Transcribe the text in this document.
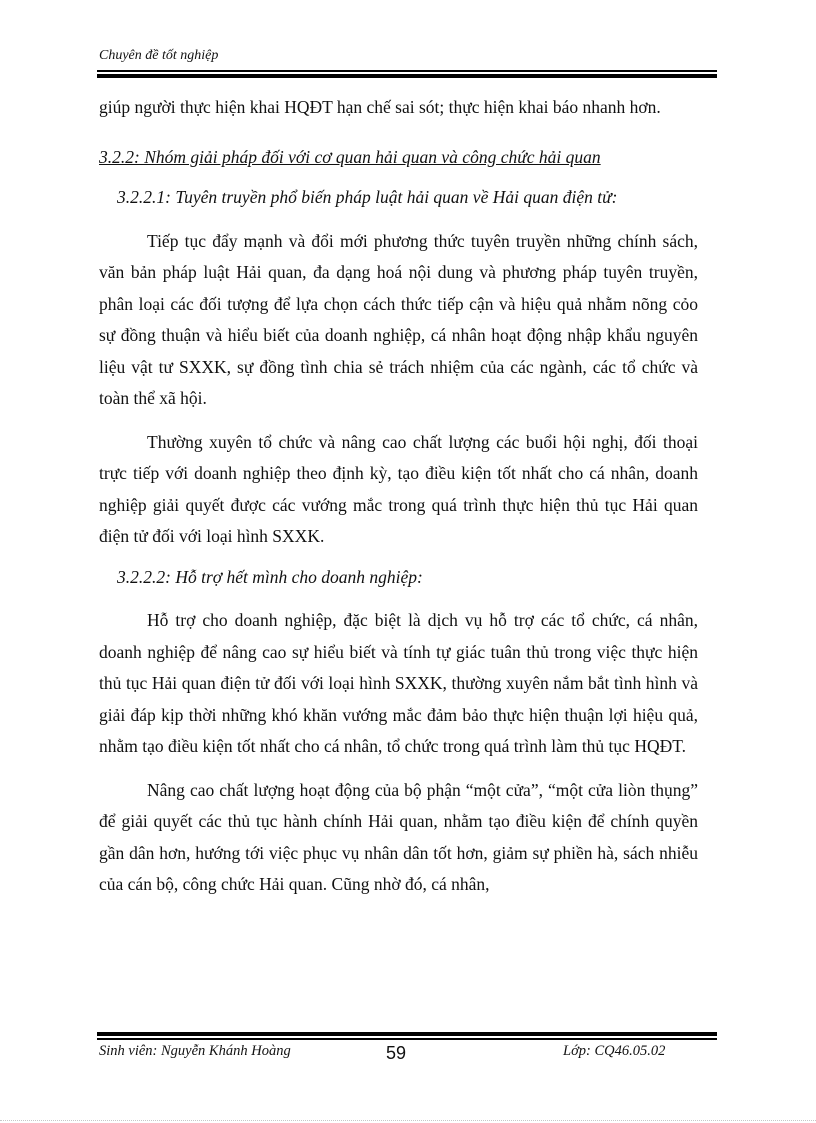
Chuyên đề tốt nghiệp

giúp người thực hiện khai HQĐT hạn chế sai sót; thực hiện khai báo nhanh hơn.

3.2.2: Nhóm giải pháp đối với cơ quan hải quan và công chức hải quan

3.2.2.1: Tuyên truyền phổ biến pháp luật hải quan về Hải quan điện tử:

Tiếp tục đẩy mạnh và đổi mới phương thức tuyên truyền những chính sách, văn bản pháp luật Hải quan, đa dạng hoá nội dung và phương pháp tuyên truyền, phân loại các đối tượng để lựa chọn cách thức tiếp cận và hiệu quả nhằm nõng cỏo sự đồng thuận và hiểu biết của doanh nghiệp, cá nhân hoạt động nhập khẩu nguyên liệu vật tư SXXK, sự đồng tình chia sẻ trách nhiệm của các ngành, các tổ chức và toàn thể xã hội.

Thường xuyên tổ chức và nâng cao chất lượng các buổi hội nghị, đối thoại trực tiếp với doanh nghiệp theo định kỳ, tạo điều kiện tốt nhất cho cá nhân, doanh nghiệp giải quyết được các vướng mắc trong quá trình thực hiện thủ tục Hải quan điện tử đối với loại hình SXXK.

3.2.2.2: Hỗ trợ hết mình cho doanh nghiệp:

Hỗ trợ cho doanh nghiệp, đặc biệt là dịch vụ hỗ trợ các tổ chức, cá nhân, doanh nghiệp để nâng cao sự hiểu biết và tính tự giác tuân thủ trong việc thực hiện thủ tục Hải quan điện tử đối với loại hình SXXK, thường xuyên nắm bắt tình hình và giải đáp kịp thời những khó khăn vướng mắc đảm bảo thực hiện thuận lợi hiệu quả, nhằm tạo điều kiện tốt nhất cho cá nhân, tổ chức trong quá trình làm thủ tục HQĐT.

Nâng cao chất lượng hoạt động của bộ phận “một cửa”, “một cửa liòn thụng” để giải quyết các thủ tục hành chính Hải quan, nhằm tạo điều kiện để chính quyền gần dân hơn, hướng tới việc phục vụ nhân dân tốt hơn, giảm sự phiền hà, sách nhiễu của cán bộ, công chức Hải quan. Cũng nhờ đó, cá nhân,

Sinh viên: Nguyễn Khánh Hoàng	59	Lớp: CQ46.05.02
